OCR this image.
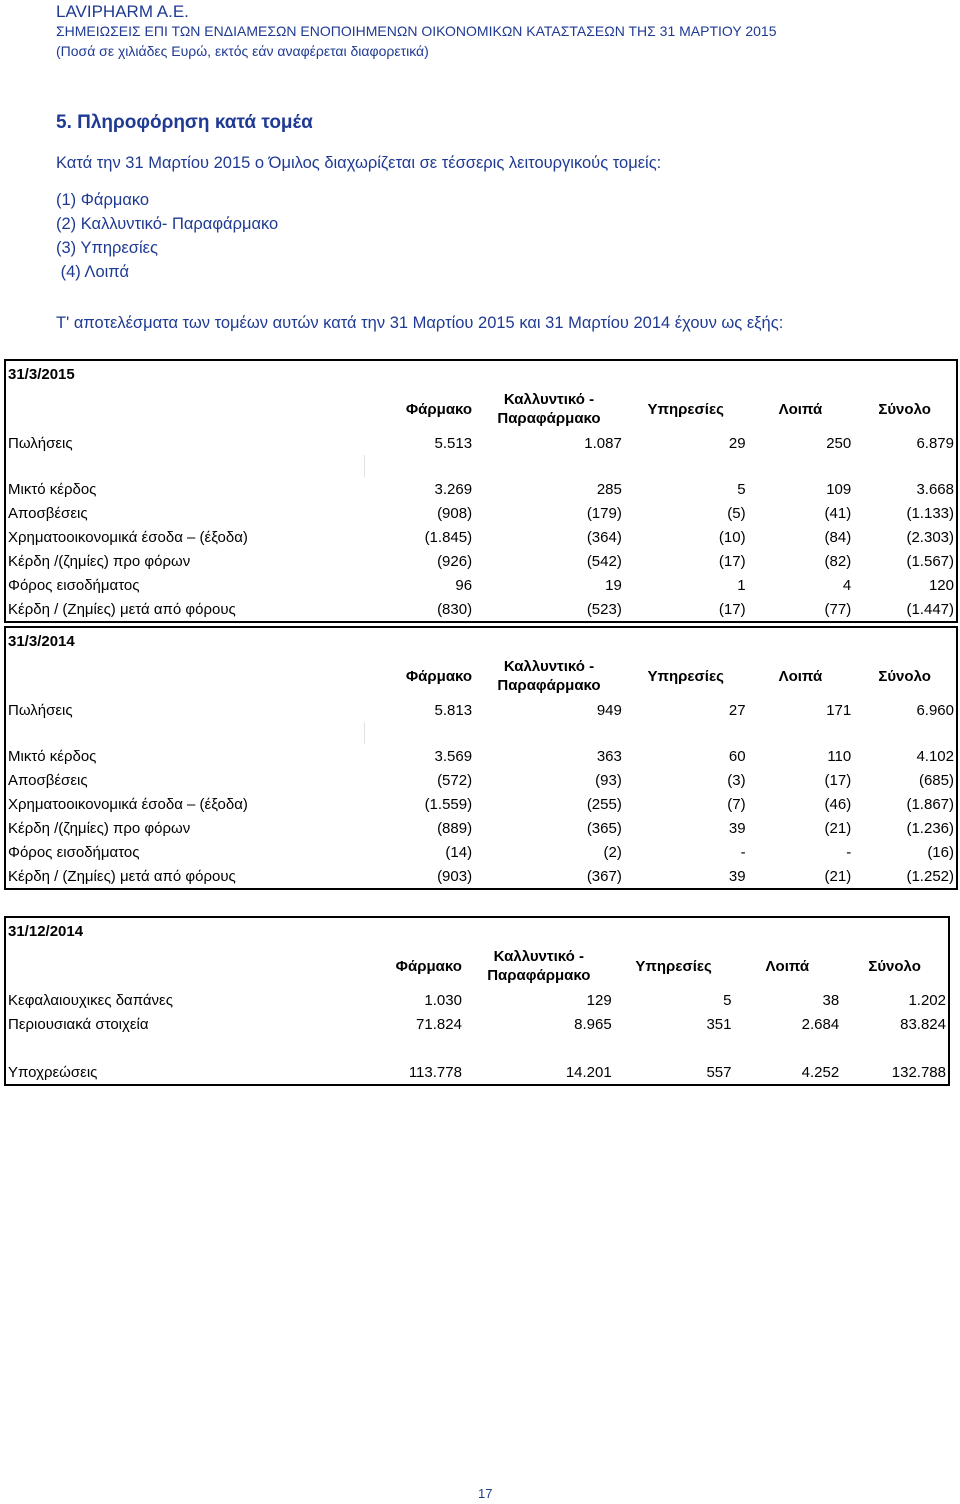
LAVIPHARM A.E.
ΣΗΜΕΙΩΣΕΙΣ ΕΠΙ ΤΩΝ ΕΝΔΙΑΜΕΣΩΝ ΕΝΟΠΟΙΗΜΕΝΩΝ ΟΙΚΟΝΟΜΙΚΩΝ ΚΑΤΑΣΤΑΣΕΩΝ ΤΗΣ 31 ΜΑΡΤΙΟΥ 2015
(Ποσά σε χιλιάδες Ευρώ, εκτός εάν αναφέρεται διαφορετικά)
5. Πληροφόρηση κατά τομέα
Κατά την 31 Μαρτίου 2015 ο Όμιλος διαχωρίζεται σε τέσσερις λειτουργικούς τομείς:
(1) Φάρμακο
(2) Καλλυντικό- Παραφάρμακο
(3) Υπηρεσίες
(4) Λοιπά
Τ' αποτελέσματα των τομέων αυτών κατά την 31 Μαρτίου 2015 και 31 Μαρτίου 2014 έχουν ως εξής:
31/3/2015					
	Φάρμακο	Καλλυντικό -
Παραφάρμακο	Υπηρεσίες	Λοιπά	Σύνολο
Πωλήσεις	5.513	1.087	29	250	6.879

Μικτό κέρδος	3.269	285	5	109	3.668
Αποσβέσεις	(908)	(179)	(5)	(41)	(1.133)
Χρηματοοικονομικά έσοδα – (έξοδα)	(1.845)	(364)	(10)	(84)	(2.303)
Κέρδη /(ζημίες) προ φόρων	(926)	(542)	(17)	(82)	(1.567)
Φόρος εισοδήματος	96	19	1	4	120
Κέρδη / (Ζημίες) μετά από φόρους	(830)	(523)	(17)	(77)	(1.447)
31/3/2014					
	Φάρμακο	Καλλυντικό -
Παραφάρμακο	Υπηρεσίες	Λοιπά	Σύνολο
Πωλήσεις	5.813	949	27	171	6.960

Μικτό κέρδος	3.569	363	60	110	4.102
Αποσβέσεις	(572)	(93)	(3)	(17)	(685)
Χρηματοοικονομικά έσοδα – (έξοδα)	(1.559)	(255)	(7)	(46)	(1.867)
Κέρδη /(ζημίες) προ φόρων	(889)	(365)	39	(21)	(1.236)
Φόρος εισοδήματος	(14)	(2)	-	-	(16)
Κέρδη / (Ζημίες) μετά από φόρους	(903)	(367)	39	(21)	(1.252)
31/12/2014					
	Φάρμακο	Καλλυντικό -
Παραφάρμακο	Υπηρεσίες	Λοιπά	Σύνολο
Κεφαλαιουχικες δαπάνες	1.030	129	5	38	1.202
Περιουσιακά στοιχεία	71.824	8.965	351	2.684	83.824

Υποχρεώσεις	113.778	14.201	557	4.252	132.788
17
